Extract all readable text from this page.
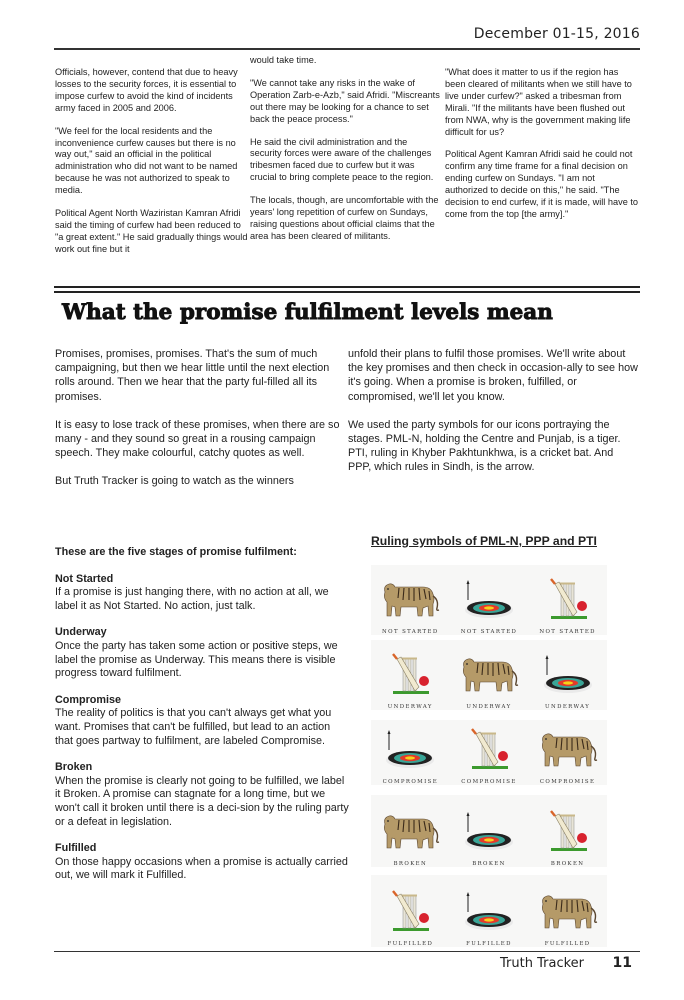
December 01-15, 2016

Officials, however, contend that due to heavy losses to the security forces, it is essential to impose curfew to avoid the kind of incidents army faced in 2005 and 2006.

"We feel for the local residents and the inconvenience curfew causes but there is no way out," said an official in the political administration who did not want to be named because he was not authorized to speak to media.

Political Agent North Waziristan Kamran Afridi said the timing of curfew had been reduced to "a great extent." He said gradually things would work out fine but it

would take time.

"We cannot take any risks in the wake of Operation Zarb-e-Azb," said Afridi. "Miscreants out there may be looking for a chance to set back the peace process."

He said the civil administration and the security forces were aware of the challenges tribesmen faced due to curfew but it was crucial to bring complete peace to the region.

The locals, though, are uncomfortable with the years' long repetition of curfew on Sundays, raising questions about official claims that the area has been cleared of militants.

"What does it matter to us if the region has been cleared of militants when we still have to live under curfew?" asked a tribesman from Mirali. "If the militants have been flushed out from NWA, why is the government making life difficult for us?

Political Agent Kamran Afridi said he could not confirm any time frame for a final decision on ending curfew on Sundays. "I am not authorized to decide on this," he said. "The decision to end curfew, if it is made, will have to come from the top [the army]."

What the promise fulfilment levels mean

Promises, promises, promises. That's the sum of much campaigning, but then we hear little until the next election rolls around. Then we hear that the party ful-filled all its promises.

It is easy to lose track of these promises, when there are so many - and they sound so great in a rousing campaign speech. They make colourful, catchy quotes as well.

But Truth Tracker is going to watch as the winners

unfold their plans to fulfil those promises. We'll write about the key promises and then check in occasion-ally to see how it's going. When a promise is broken, fulfilled, or compromised, we'll let you know.

We used the party symbols for our icons portraying the stages. PML-N, holding the Centre and Punjab, is a tiger. PTI, ruling in Khyber Pakhtunkhwa, is a cricket bat. And PPP, which rules in Sindh, is the arrow.

These are the five stages of promise fulfilment:
Not Started
If a promise is just hanging there, with no action at all, we label it as Not Started. No action, just talk.
Underway
Once the party has taken some action or positive steps, we label the promise as Underway. This means there is visible progress toward fulfilment.
Compromise
The reality of politics is that you can't always get what you want. Promises that can't be fulfilled, but lead to an action that goes partway to fulfilment, are labeled Compromise.
Broken
When the promise is clearly not going to be fulfilled, we label it Broken. A promise can stagnate for a long time, but we won't call it broken until there is a deci-sion by the ruling party or a defeat in legislation.
Fulfilled
On those happy occasions when a promise is actually carried out, we will mark it Fulfilled.
Ruling symbols of PML-N, PPP and PTI
NOT STARTED	NOT STARTED	NOT STARTED
UNDERWAY	UNDERWAY	UNDERWAY
COMPROMISE	COMPROMISE	COMPROMISE
BROKEN	BROKEN	BROKEN
FULFILLED	FULFILLED	FULFILLED
Truth Tracker 11
